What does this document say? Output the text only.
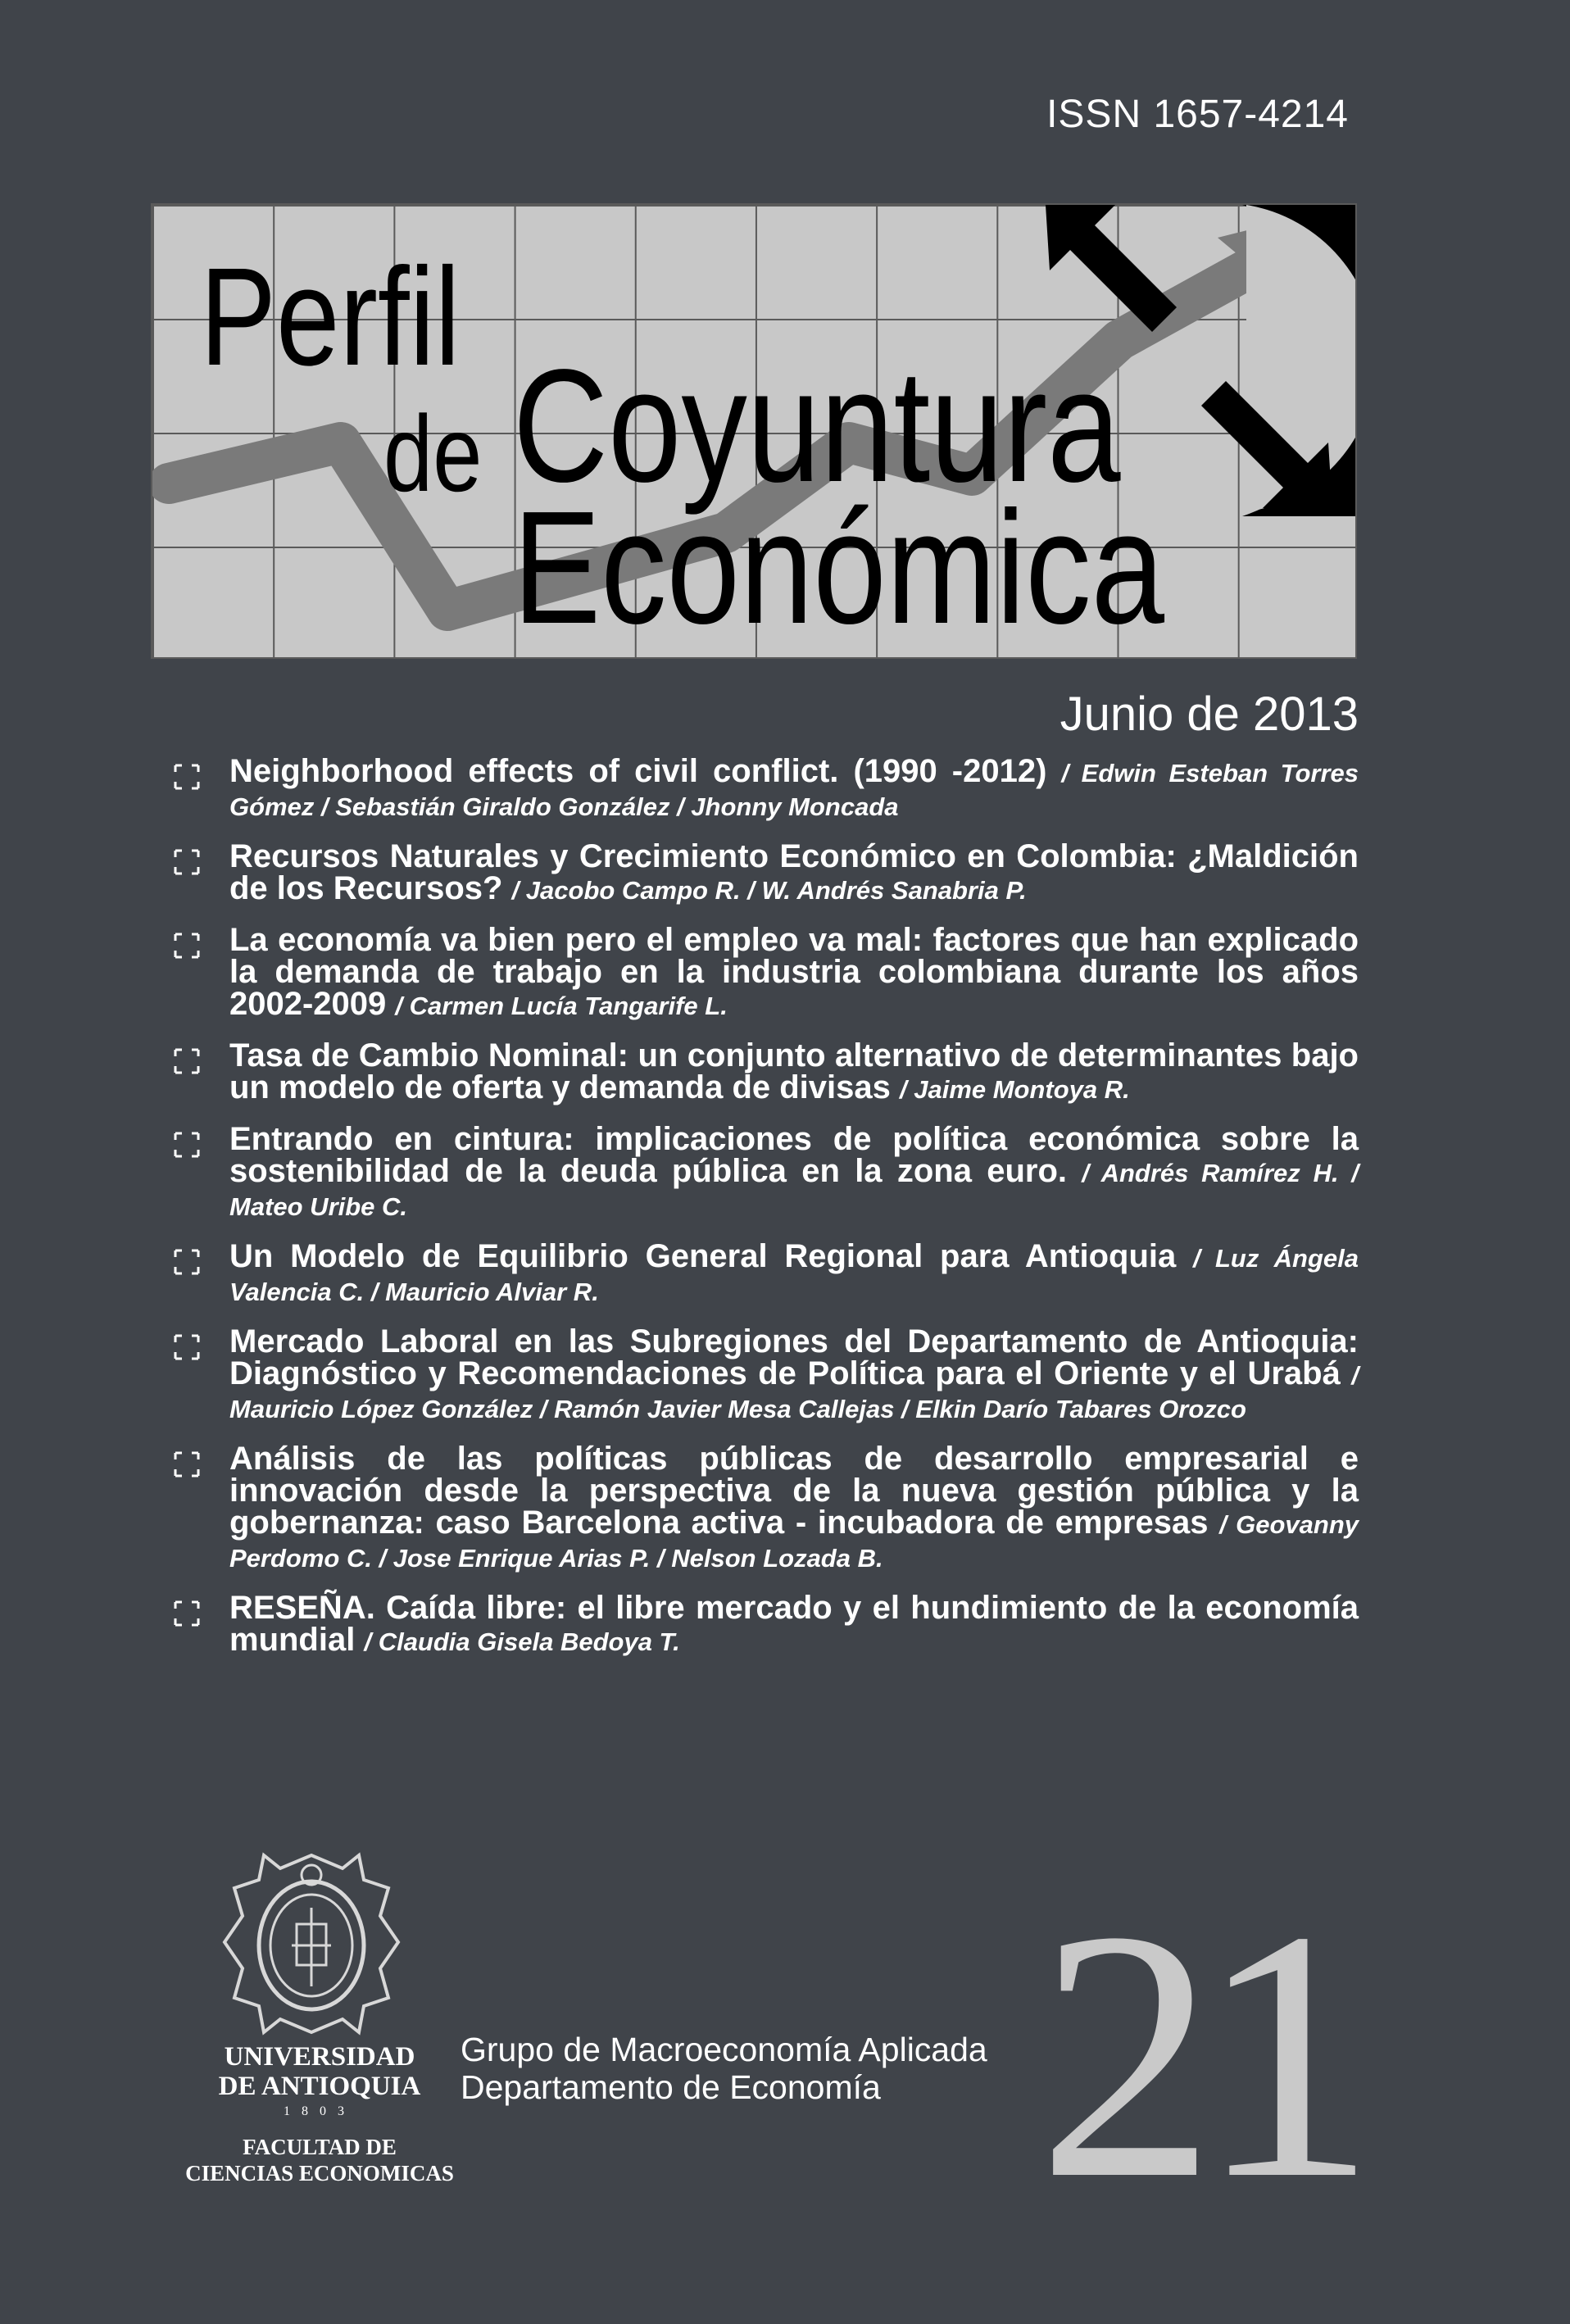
ISSN 1657-4214
Perfil
de Coyuntura
Económica
Junio de 2013
Neighborhood effects of civil conflict. (1990 -2012) / Edwin Esteban Torres Gómez / Sebastián Giraldo González / Jhonny Moncada
Recursos Naturales y Crecimiento Económico en Colombia: ¿Maldición de los Recursos? / Jacobo Campo R. / W. Andrés Sanabria P.
La economía va bien pero el empleo va mal: factores que han explicado la demanda de trabajo en la industria colombiana durante los años 2002-2009 / Carmen Lucía Tangarife L.
Tasa de Cambio Nominal: un conjunto alternativo de determinantes bajo un modelo de oferta y demanda de divisas / Jaime Montoya R.
Entrando en cintura: implicaciones de política económica sobre la sostenibilidad de la deuda pública en la zona euro. / Andrés Ramírez H. / Mateo Uribe C.
Un Modelo de Equilibrio General Regional para Antioquia / Luz Ángela Valencia C. / Mauricio Alviar R.
Mercado Laboral en las Subregiones del Departamento de Antioquia: Diagnóstico y Recomendaciones de Política para el Oriente y el Urabá / Mauricio López González / Ramón Javier Mesa Callejas / Elkin Darío Tabares Orozco
Análisis de las políticas públicas de desarrollo empresarial e innovación desde la perspectiva de la nueva gestión pública y la gobernanza: caso Barcelona activa - incubadora de empresas / Geovanny Perdomo C. / Jose Enrique Arias P. / Nelson Lozada B.
RESEÑA. Caída libre: el libre mercado y el hundimiento de la economía mundial / Claudia Gisela Bedoya T.
UNIVERSIDAD
DE ANTIOQUIA
1803
FACULTAD DE
CIENCIAS ECONOMICAS
Grupo de Macroeconomía Aplicada
Departamento de Economía 21
